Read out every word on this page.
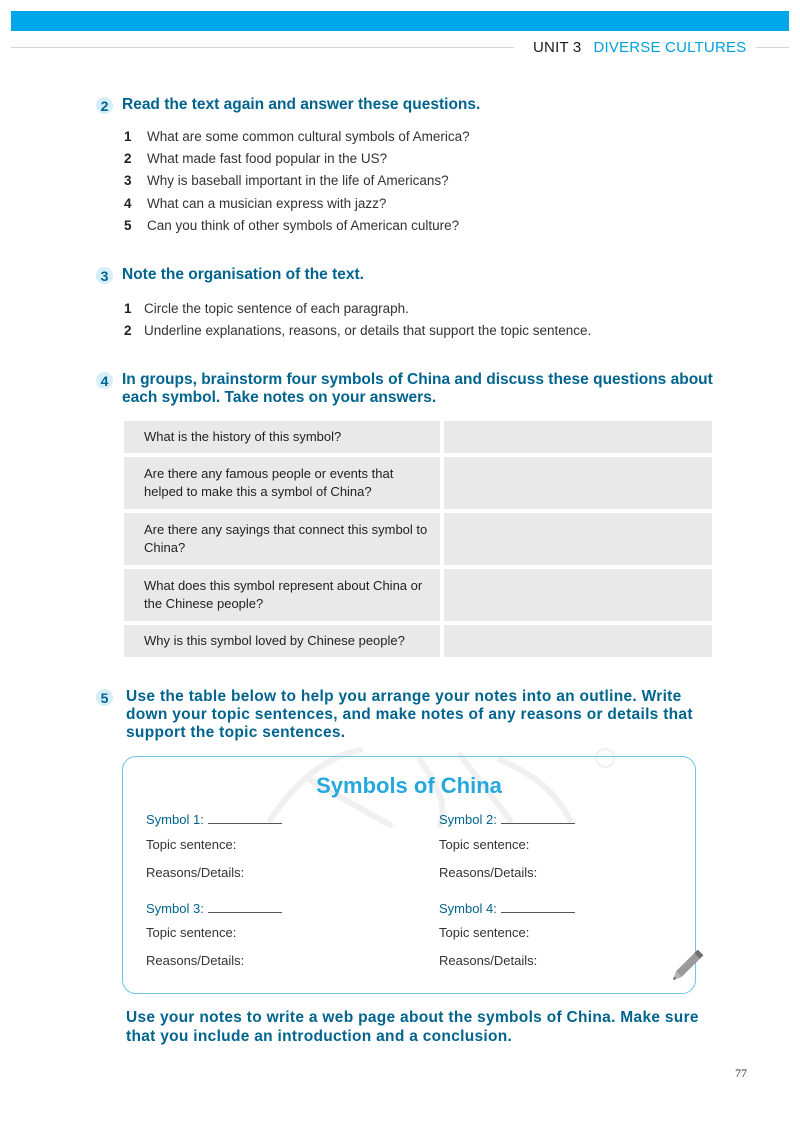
UNIT 3 DIVERSE CULTURES
2 Read the text again and answer these questions.
1 What are some common cultural symbols of America?
2 What made fast food popular in the US?
3 Why is baseball important in the life of Americans?
4 What can a musician express with jazz?
5 Can you think of other symbols of American culture?
3 Note the organisation of the text.
1 Circle the topic sentence of each paragraph.
2 Underline explanations, reasons, or details that support the topic sentence.
4 In groups, brainstorm four symbols of China and discuss these questions about
each symbol. Take notes on your answers.
What is the history of this symbol?
Are there any famous people or events that helped to make this a symbol of China?
Are there any sayings that connect this symbol to China?
What does this symbol represent about China or the Chinese people?
Why is this symbol loved by Chinese people?
5 Use the table below to help you arrange your notes into an outline. Write
down your topic sentences, and make notes of any reasons or details that
support the topic sentences.
Symbols of China
Symbol 1:
Topic sentence:
Reasons/Details:
Symbol 2:
Topic sentence:
Reasons/Details:
Symbol 3:
Topic sentence:
Reasons/Details:
Symbol 4:
Topic sentence:
Reasons/Details:
Use your notes to write a web page about the symbols of China. Make sure
that you include an introduction and a conclusion.
77
